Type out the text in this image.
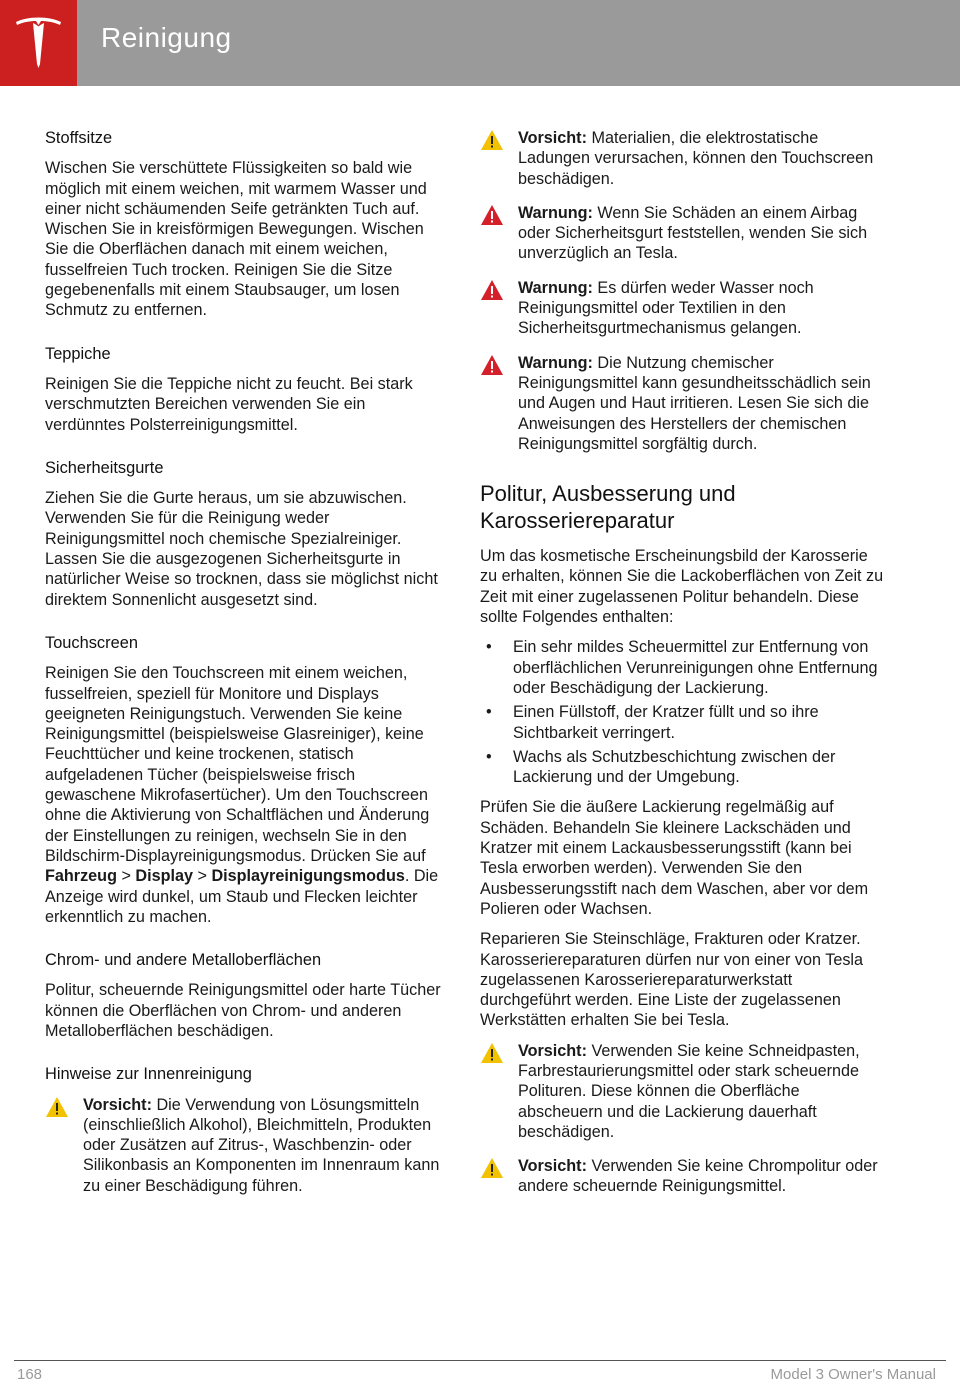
Reinigung
Stoffsitze
Wischen Sie verschüttete Flüssigkeiten so bald wie möglich mit einem weichen, mit warmem Wasser und einer nicht schäumenden Seife getränkten Tuch auf. Wischen Sie in kreisförmigen Bewegungen. Wischen Sie die Oberflächen danach mit einem weichen, fusselfreien Tuch trocken. Reinigen Sie die Sitze gegebenenfalls mit einem Staubsauger, um losen Schmutz zu entfernen.
Teppiche
Reinigen Sie die Teppiche nicht zu feucht. Bei stark verschmutzten Bereichen verwenden Sie ein verdünntes Polsterreinigungsmittel.
Sicherheitsgurte
Ziehen Sie die Gurte heraus, um sie abzuwischen. Verwenden Sie für die Reinigung weder Reinigungsmittel noch chemische Spezialreiniger. Lassen Sie die ausgezogenen Sicherheitsgurte in natürlicher Weise so trocknen, dass sie möglichst nicht direktem Sonnenlicht ausgesetzt sind.
Touchscreen
Reinigen Sie den Touchscreen mit einem weichen, fusselfreien, speziell für Monitore und Displays geeigneten Reinigungstuch. Verwenden Sie keine Reinigungsmittel (beispielsweise Glasreiniger), keine Feuchttücher und keine trockenen, statisch aufgeladenen Tücher (beispielsweise frisch gewaschene Mikrofasertücher). Um den Touchscreen ohne die Aktivierung von Schaltflächen und Änderung der Einstellungen zu reinigen, wechseln Sie in den Bildschirm-Displayreinigungsmodus. Drücken Sie auf Fahrzeug > Display > Displayreinigungsmodus. Die Anzeige wird dunkel, um Staub und Flecken leichter erkenntlich zu machen.
Chrom- und andere Metalloberflächen
Politur, scheuernde Reinigungsmittel oder harte Tücher können die Oberflächen von Chrom- und anderen Metalloberflächen beschädigen.
Hinweise zur Innenreinigung
Vorsicht: Die Verwendung von Lösungsmitteln (einschließlich Alkohol), Bleichmitteln, Produkten oder Zusätzen auf Zitrus-, Waschbenzin- oder Silikonbasis an Komponenten im Innenraum kann zu einer Beschädigung führen.
Vorsicht: Materialien, die elektrostatische Ladungen verursachen, können den Touchscreen beschädigen.
Warnung: Wenn Sie Schäden an einem Airbag oder Sicherheitsgurt feststellen, wenden Sie sich unverzüglich an Tesla.
Warnung: Es dürfen weder Wasser noch Reinigungsmittel oder Textilien in den Sicherheitsgurtmechanismus gelangen.
Warnung: Die Nutzung chemischer Reinigungsmittel kann gesundheitsschädlich sein und Augen und Haut irritieren. Lesen Sie sich die Anweisungen des Herstellers der chemischen Reinigungsmittel sorgfältig durch.
Politur, Ausbesserung und Karosseriereparatur
Um das kosmetische Erscheinungsbild der Karosserie zu erhalten, können Sie die Lackoberflächen von Zeit zu Zeit mit einer zugelassenen Politur behandeln. Diese sollte Folgendes enthalten:
• Ein sehr mildes Scheuermittel zur Entfernung von oberflächlichen Verunreinigungen ohne Entfernung oder Beschädigung der Lackierung.
• Einen Füllstoff, der Kratzer füllt und so ihre Sichtbarkeit verringert.
• Wachs als Schutzbeschichtung zwischen der Lackierung und der Umgebung.
Prüfen Sie die äußere Lackierung regelmäßig auf Schäden. Behandeln Sie kleinere Lackschäden und Kratzer mit einem Lackausbesserungsstift (kann bei Tesla erworben werden). Verwenden Sie den Ausbesserungsstift nach dem Waschen, aber vor dem Polieren oder Wachsen.
Reparieren Sie Steinschläge, Frakturen oder Kratzer. Karosseriereparaturen dürfen nur von einer von Tesla zugelassenen Karosseriereparaturwerkstatt durchgeführt werden. Eine Liste der zugelassenen Werkstätten erhalten Sie bei Tesla.
Vorsicht: Verwenden Sie keine Schneidpasten, Farbrestaurierungsmittel oder stark scheuernde Polituren. Diese können die Oberfläche abscheuern und die Lackierung dauerhaft beschädigen.
Vorsicht: Verwenden Sie keine Chrompolitur oder andere scheuernde Reinigungsmittel.
168	Model 3 Owner's Manual
